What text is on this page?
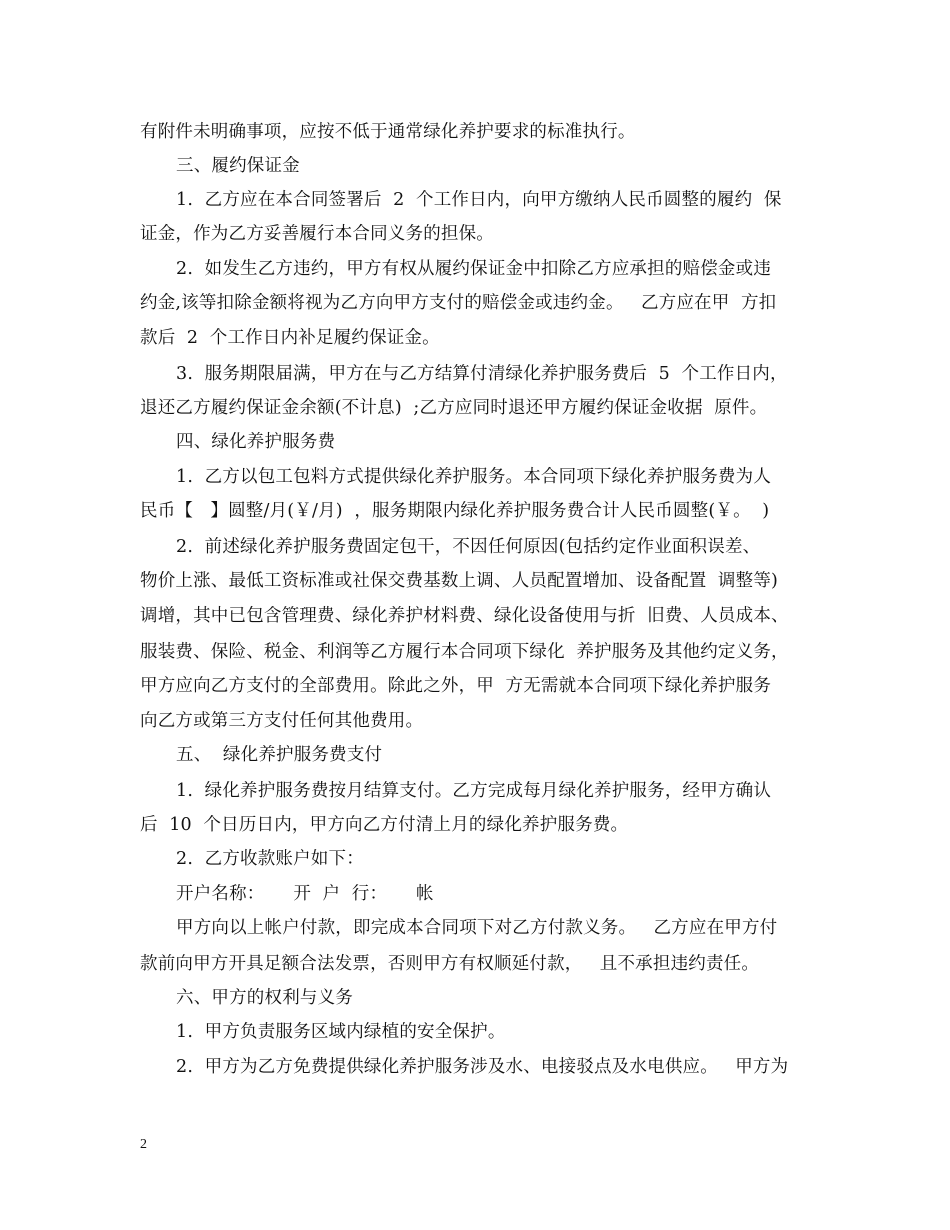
有附件未明确事项，应按不低于通常绿化养护要求的标准执行。
三、履约保证金
1.  乙方应在本合同签署后  2  个工作日内，向甲方缴纳人民币圆整的履约  保
证金，作为乙方妥善履行本合同义务的担保。
2.  如发生乙方违约，甲方有权从履约保证金中扣除乙方应承担的赔偿金或违
约金,该等扣除金额将视为乙方向甲方支付的赔偿金或违约金。   乙方应在甲  方扣
款后  2  个工作日内补足履约保证金。
3.  服务期限届满，甲方在与乙方结算付清绿化养护服务费后  5  个工作日内，
退还乙方履约保证金余额(不计息)  ;乙方应同时退还甲方履约保证金收据  原件。
四、绿化养护服务费
1.  乙方以包工包料方式提供绿化养护服务。本合同项下绿化养护服务费为人
民币【   】圆整/月(￥/月)  ，服务期限内绿化养护服务费合计人民币圆整(￥。  )
2.  前述绿化养护服务费固定包干，不因任何原因(包括约定作业面积误差、
物价上涨、最低工资标准或社保交费基数上调、人员配置增加、设备配置  调整等)
调增，其中已包含管理费、绿化养护材料费、绿化设备使用与折  旧费、人员成本、
服装费、保险、税金、利润等乙方履行本合同项下绿化  养护服务及其他约定义务，
甲方应向乙方支付的全部费用。除此之外，甲  方无需就本合同项下绿化养护服务
向乙方或第三方支付任何其他费用。
五、  绿化养护服务费支付
1.  绿化养护服务费按月结算支付。乙方完成每月绿化养护服务，经甲方确认
后  10  个日历日内，甲方向乙方付清上月的绿化养护服务费。
2.  乙方收款账户如下：
开户名称：     开  户  行：     帐
甲方向以上帐户付款，即完成本合同项下对乙方付款义务。   乙方应在甲方付
款前向甲方开具足额合法发票，否则甲方有权顺延付款，   且不承担违约责任。
六、甲方的权利与义务
1.  甲方负责服务区域内绿植的安全保护。
2.  甲方为乙方免费提供绿化养护服务涉及水、电接驳点及水电供应。   甲方为
2
